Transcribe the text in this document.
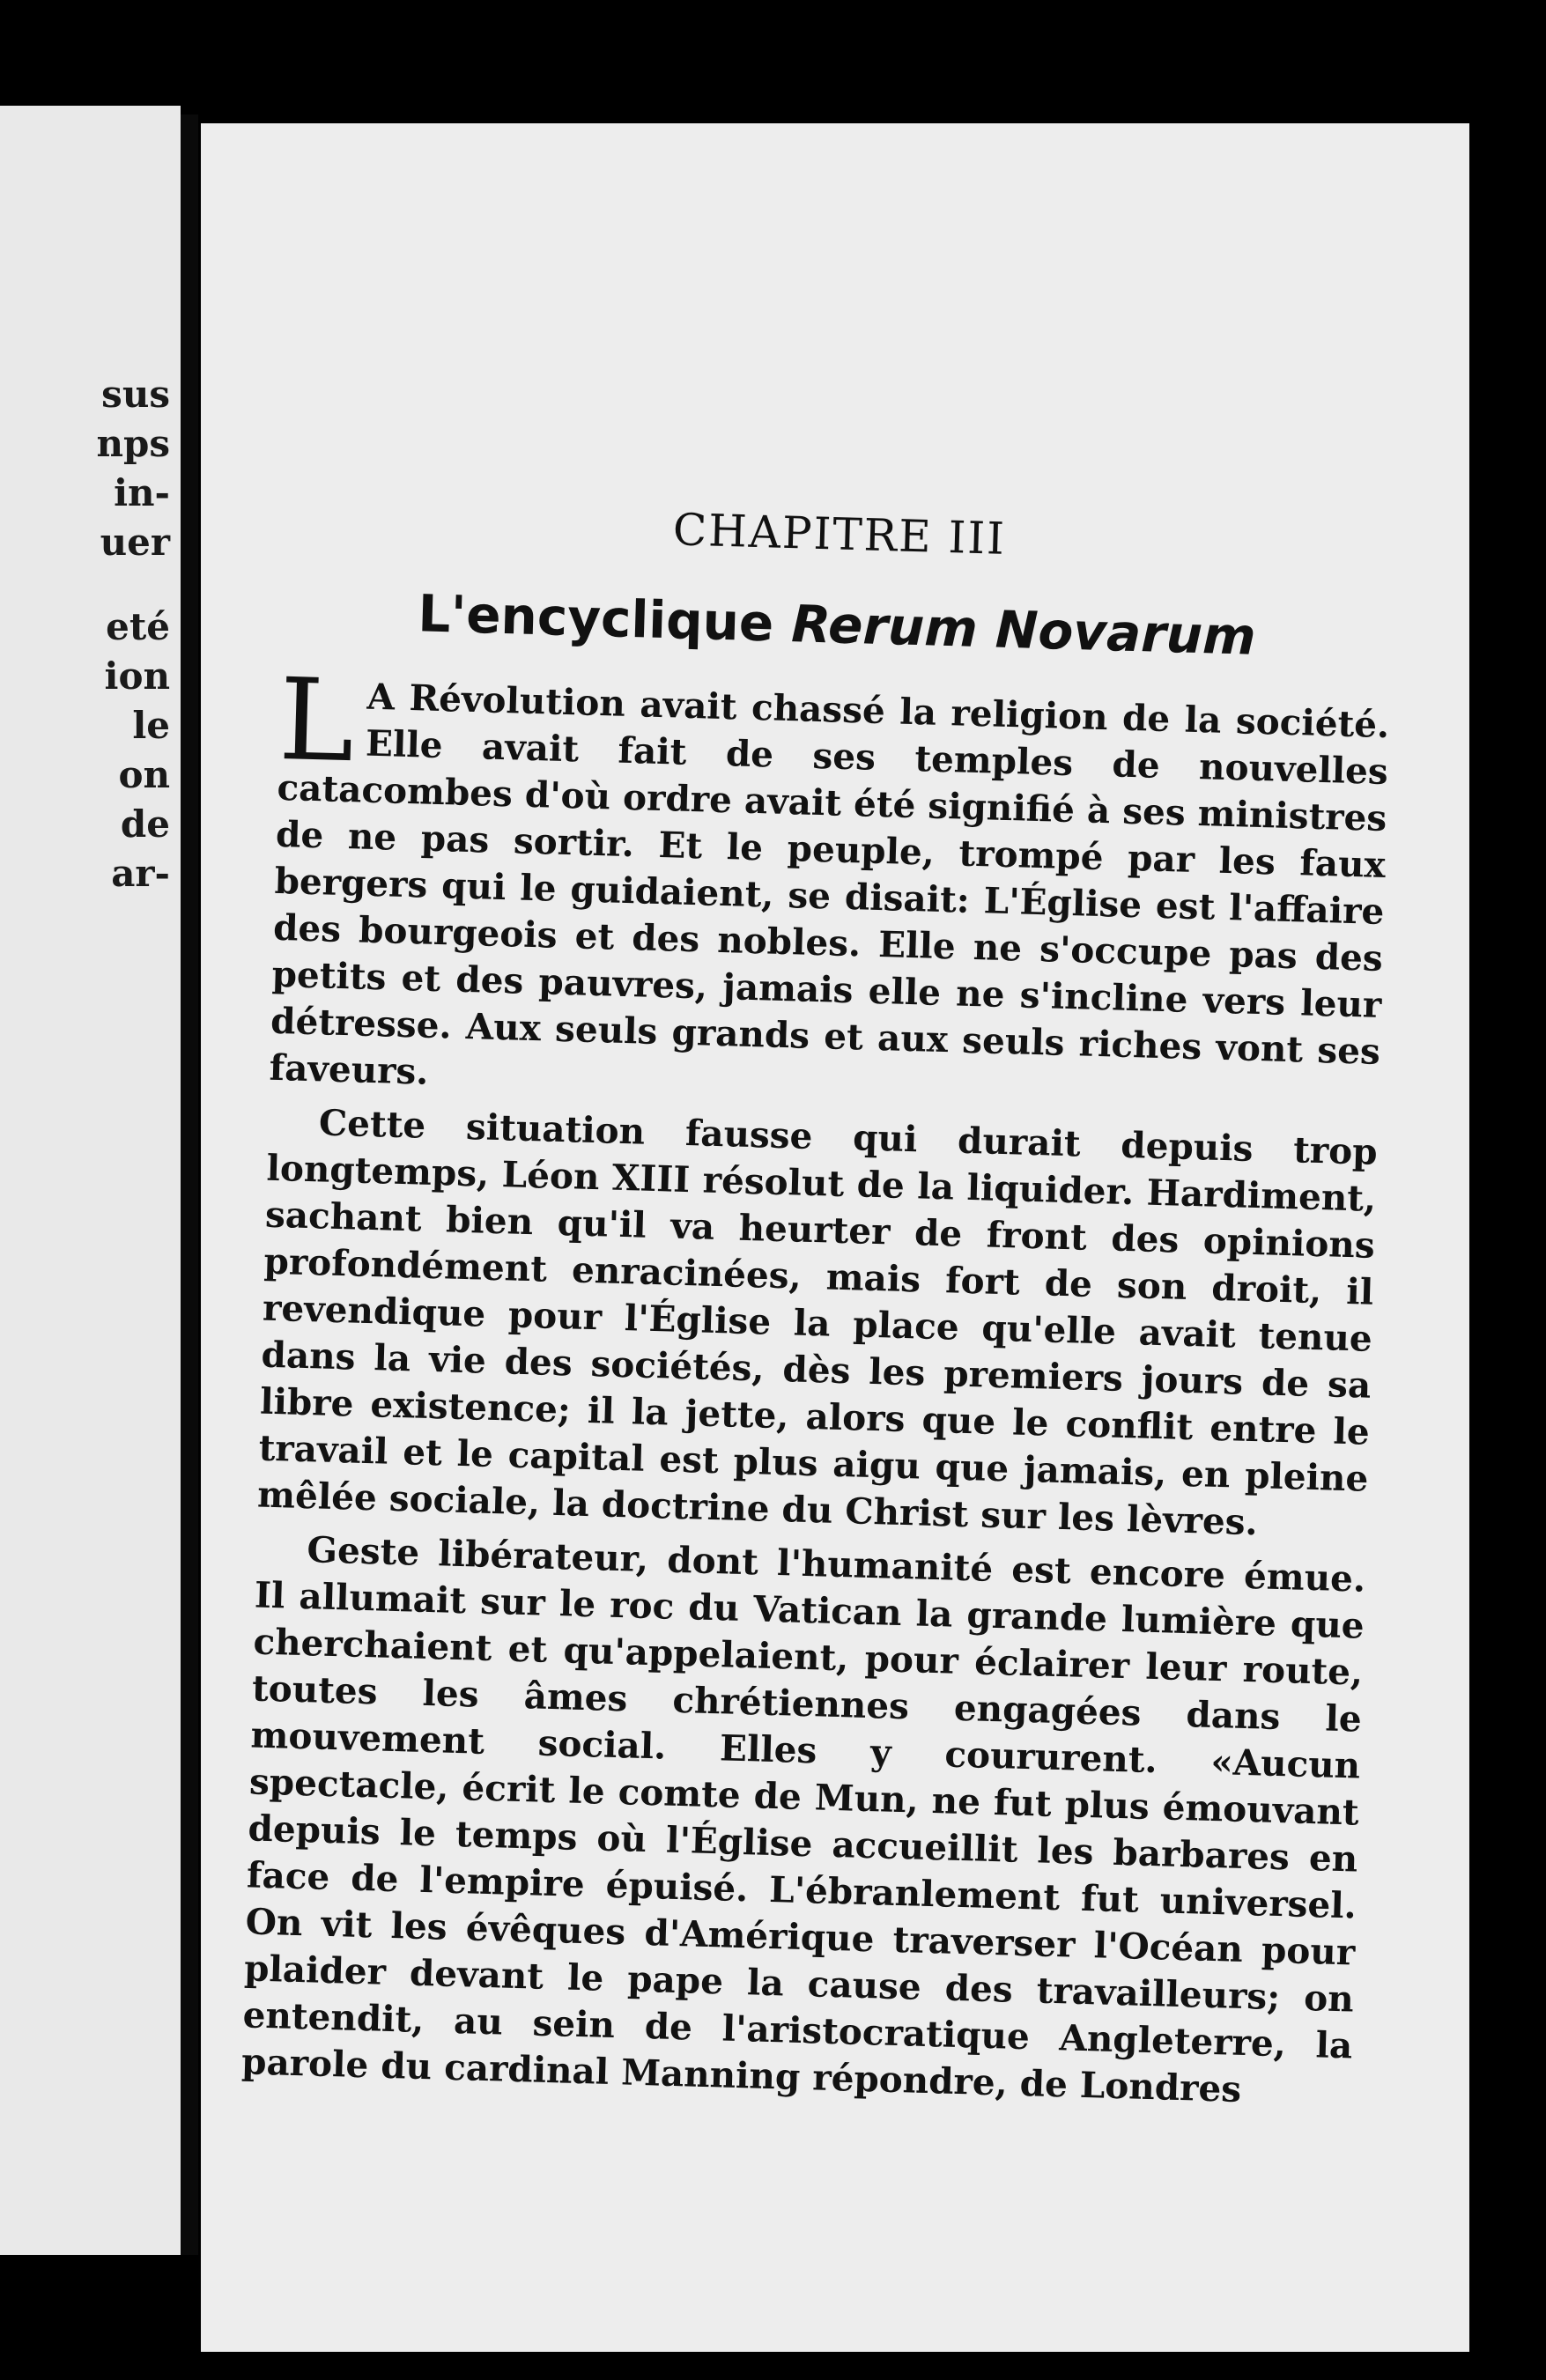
sus
nps
in-
uer
eté
ion
le
on
de
ar-
CHAPITRE III
L'encyclique Rerum Novarum

L A Révolution avait chassé la religion de la société. Elle avait fait de ses temples de nouvelles catacombes d'où ordre avait été signifié à ses ministres de ne pas sortir. Et le peuple, trompé par les faux bergers qui le guidaient, se disait: L'Église est l'affaire des bourgeois et des nobles. Elle ne s'occupe pas des petits et des pauvres, jamais elle ne s'incline vers leur détresse. Aux seuls grands et aux seuls riches vont ses faveurs.

Cette situation fausse qui durait depuis trop longtemps, Léon XIII résolut de la liquider. Hardiment, sachant bien qu'il va heurter de front des opinions profondément enracinées, mais fort de son droit, il revendique pour l'Église la place qu'elle avait tenue dans la vie des sociétés, dès les premiers jours de sa libre existence; il la jette, alors que le conflit entre le travail et le capital est plus aigu que jamais, en pleine mêlée sociale, la doctrine du Christ sur les lèvres.

Geste libérateur, dont l'humanité est encore émue. Il allumait sur le roc du Vatican la grande lumière que cherchaient et qu'appelaient, pour éclairer leur route, toutes les âmes chrétiennes engagées dans le mouvement social. Elles y coururent. «Aucun spectacle, écrit le comte de Mun, ne fut plus émouvant depuis le temps où l'Église accueillit les barbares en face de l'empire épuisé. L'ébranlement fut universel. On vit les évêques d'Amérique traverser l'Océan pour plaider devant le pape la cause des travailleurs; on entendit, au sein de l'aristocratique Angleterre, la parole du cardinal Manning répondre, de Londres
